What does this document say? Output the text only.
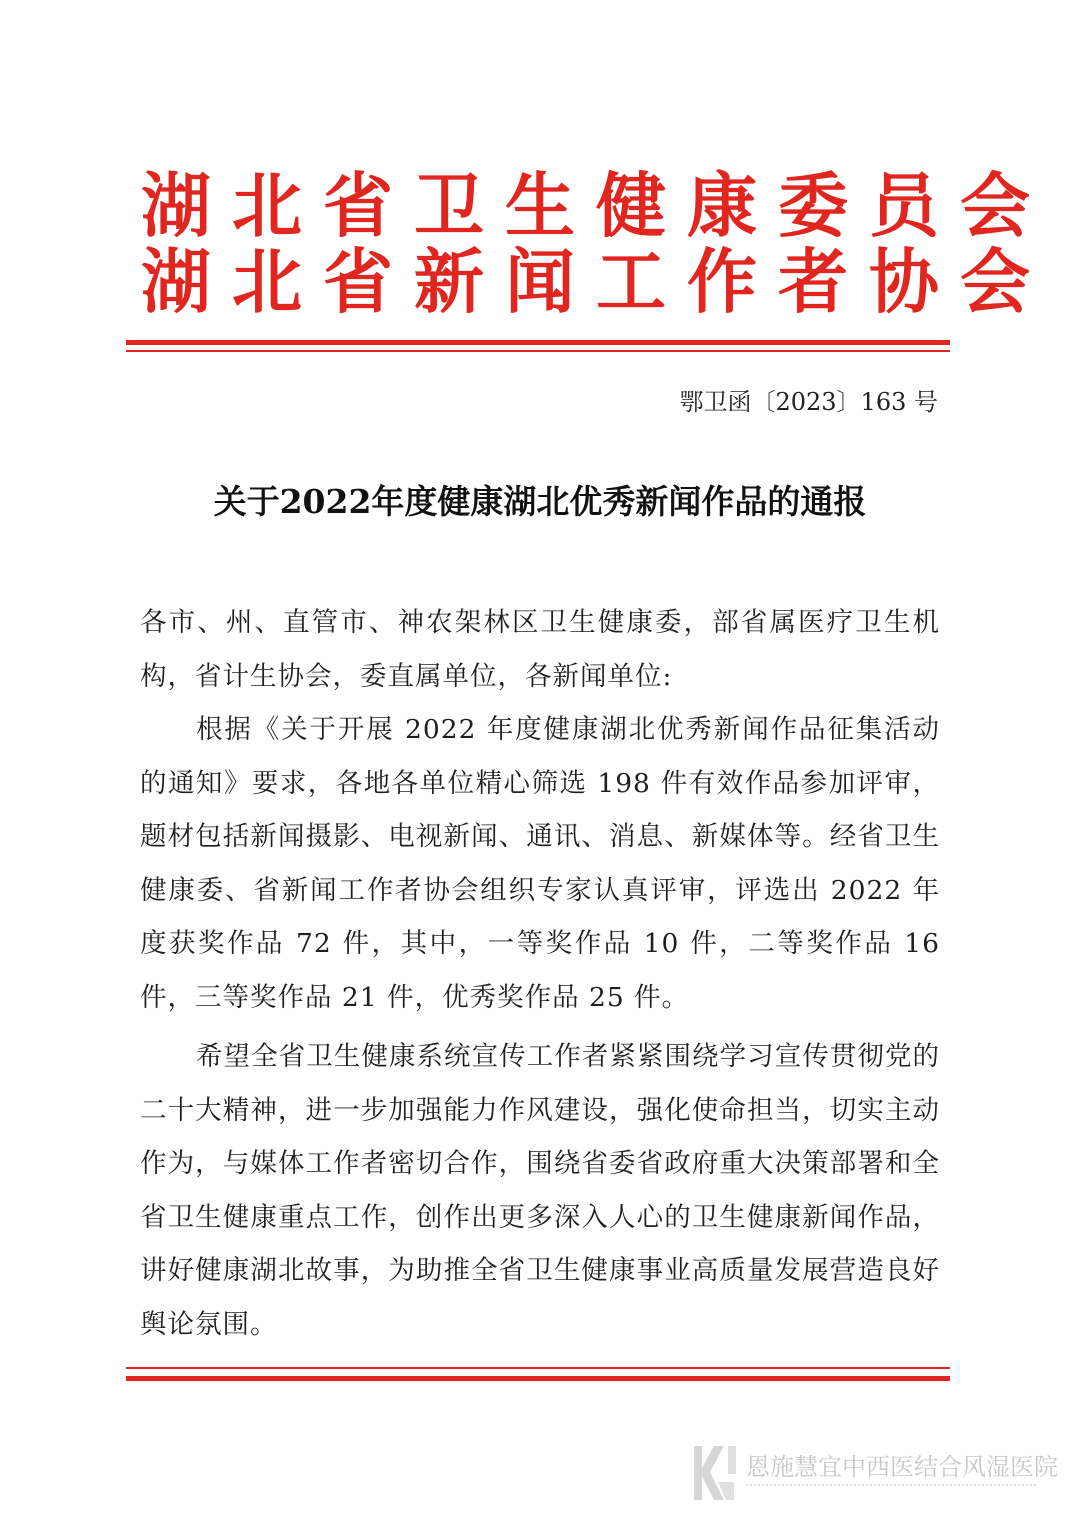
湖北省卫生健康委员会
湖北省新闻工作者协会
鄂卫函〔2023〕163 号
关于2022年度健康湖北优秀新闻作品的通报

各市、州、直管市、神农架林区卫生健康委，部省属医疗卫生机构，省计生协会，委直属单位，各新闻单位:

根据《关于开展 2022 年度健康湖北优秀新闻作品征集活动的通知》要求，各地各单位精心筛选 198 件有效作品参加评审，题材包括新闻摄影、电视新闻、通讯、消息、新媒体等。经省卫生健康委、省新闻工作者协会组织专家认真评审，评选出 2022 年度获奖作品 72 件，其中，一等奖作品 10 件，二等奖作品 16 件，三等奖作品 21 件，优秀奖作品 25 件。

希望全省卫生健康系统宣传工作者紧紧围绕学习宣传贯彻党的二十大精神，进一步加强能力作风建设，强化使命担当，切实主动作为，与媒体工作者密切合作，围绕省委省政府重大决策部署和全省卫生健康重点工作，创作出更多深入人心的卫生健康新闻作品，讲好健康湖北故事，为助推全省卫生健康事业高质量发展营造良好舆论氛围。

恩施慧宜中西医结合风湿医院
